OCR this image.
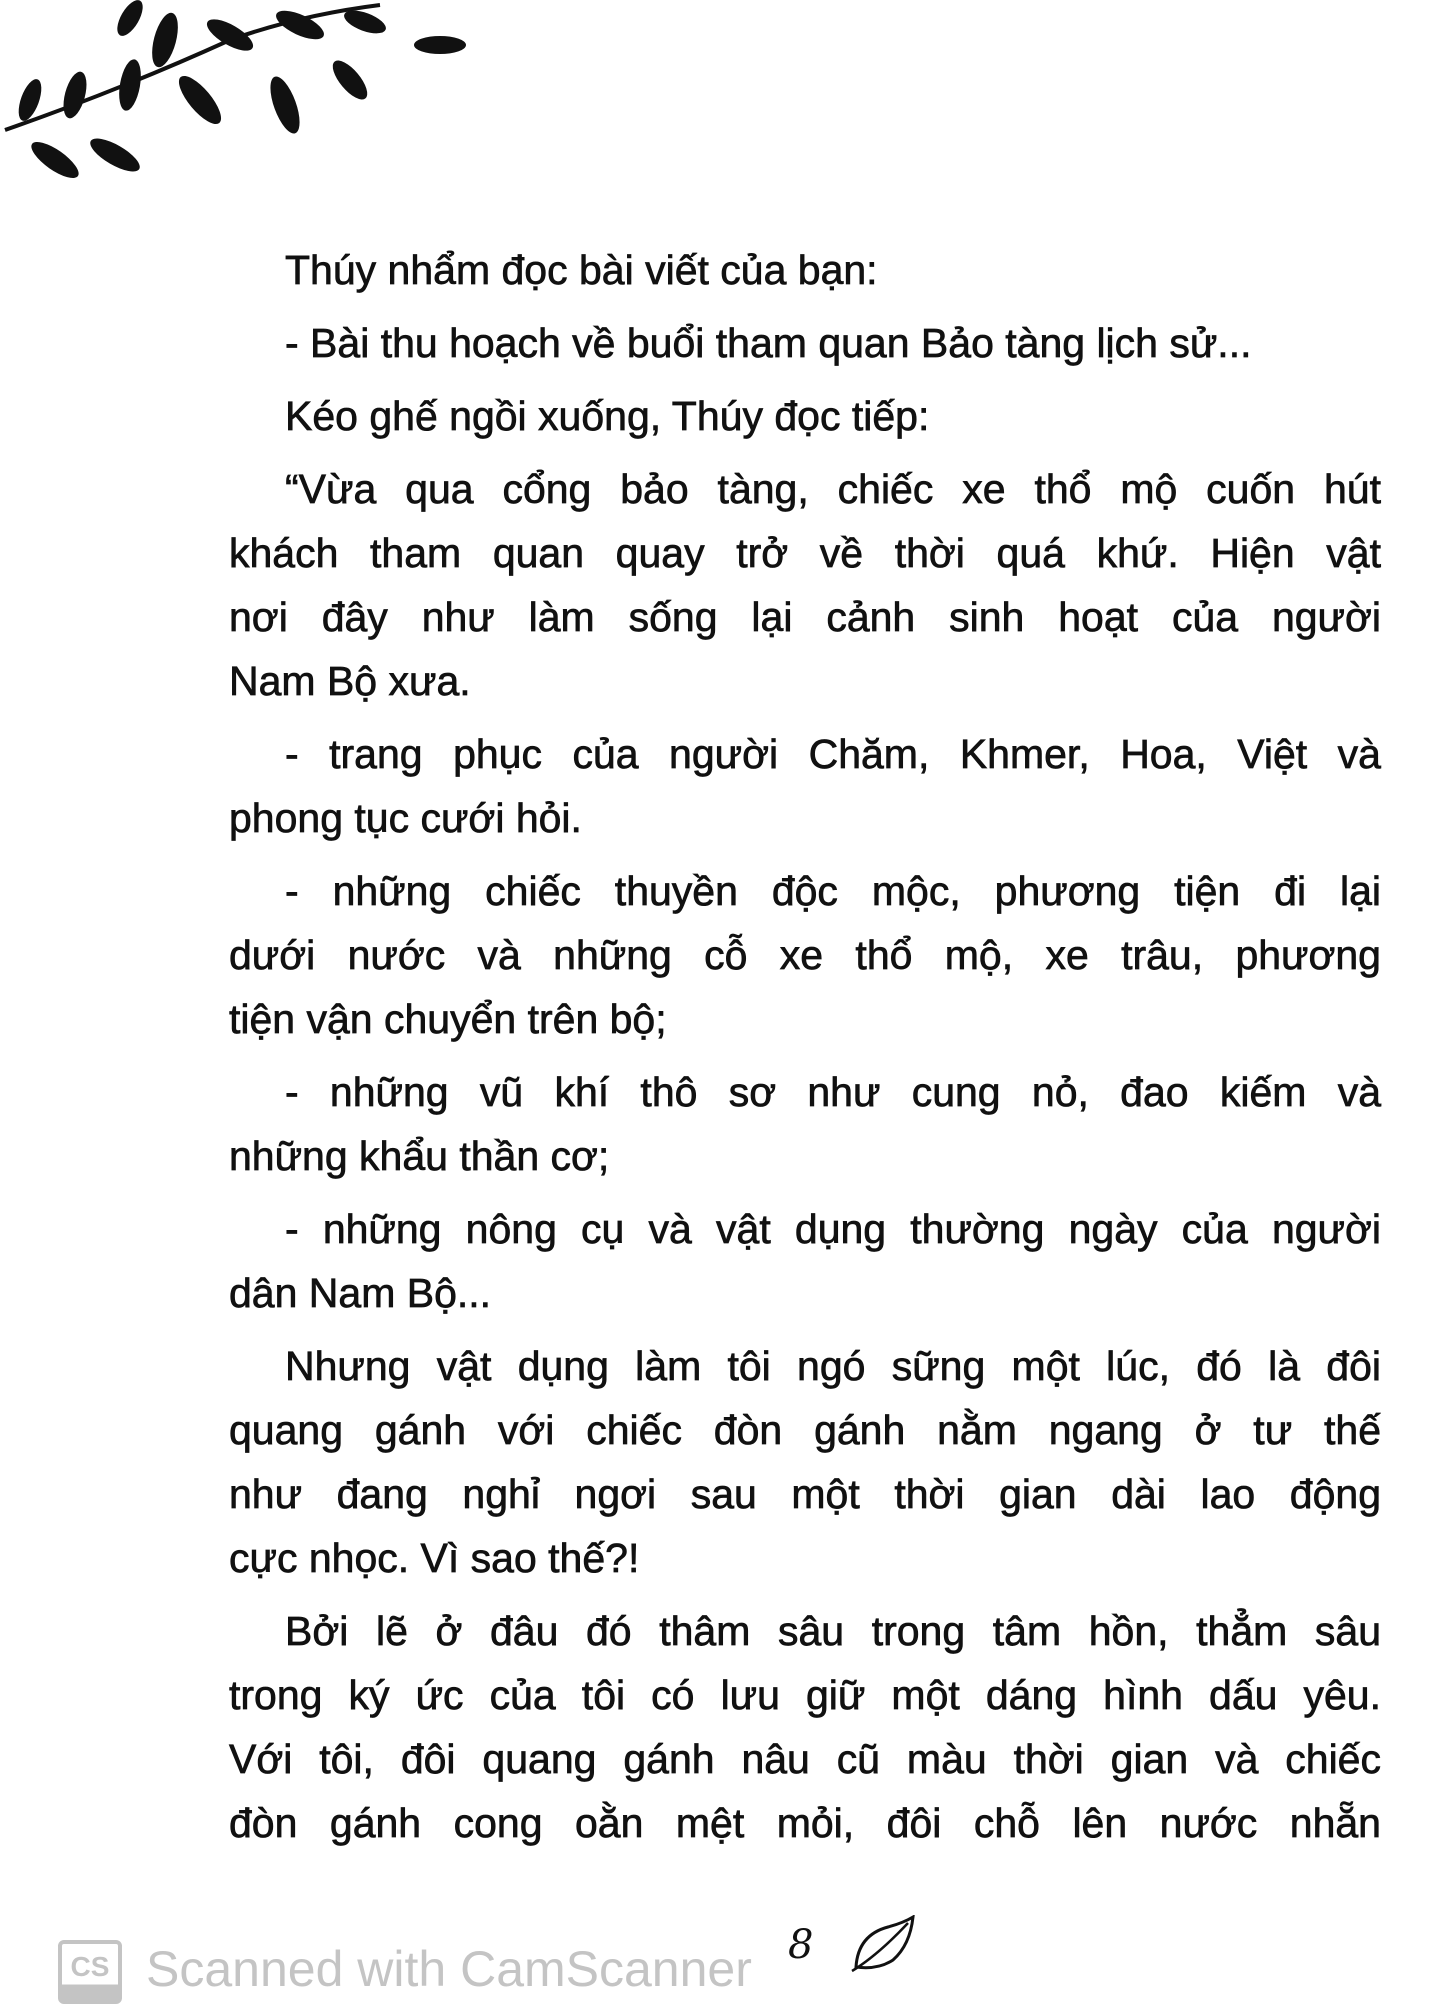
Thúy nhẩm đọc bài viết của bạn:
- Bài thu hoạch về buổi tham quan Bảo tàng lịch sử...
Kéo ghế ngồi xuống, Thúy đọc tiếp:
“Vừa qua cổng bảo tàng, chiếc xe thổ mộ cuốn hút
khách tham quan quay trở về thời quá khứ. Hiện vật
nơi đây như làm sống lại cảnh sinh hoạt của người
Nam Bộ xưa.
- trang phục của người Chăm, Khmer, Hoa, Việt và
phong tục cưới hỏi.
- những chiếc thuyền độc mộc, phương tiện đi lại
dưới nước và những cỗ xe thổ mộ, xe trâu, phương
tiện vận chuyển trên bộ;
- những vũ khí thô sơ như cung nỏ, đao kiếm và
những khẩu thần cơ;
- những nông cụ và vật dụng thường ngày của người
dân Nam Bộ...
Nhưng vật dụng làm tôi ngó sững một lúc, đó là đôi
quang gánh với chiếc đòn gánh nằm ngang ở tư thế
như đang nghỉ ngơi sau một thời gian dài lao động
cực nhọc. Vì sao thế?!
Bởi lẽ ở đâu đó thâm sâu trong tâm hồn, thẳm sâu
trong ký ức của tôi có lưu giữ một dáng hình dấu yêu.
Với tôi, đôi quang gánh nâu cũ màu thời gian và chiếc
đòn gánh cong oằn mệt mỏi, đôi chỗ lên nước nhẵn
CS Scanned with CamScanner 8
